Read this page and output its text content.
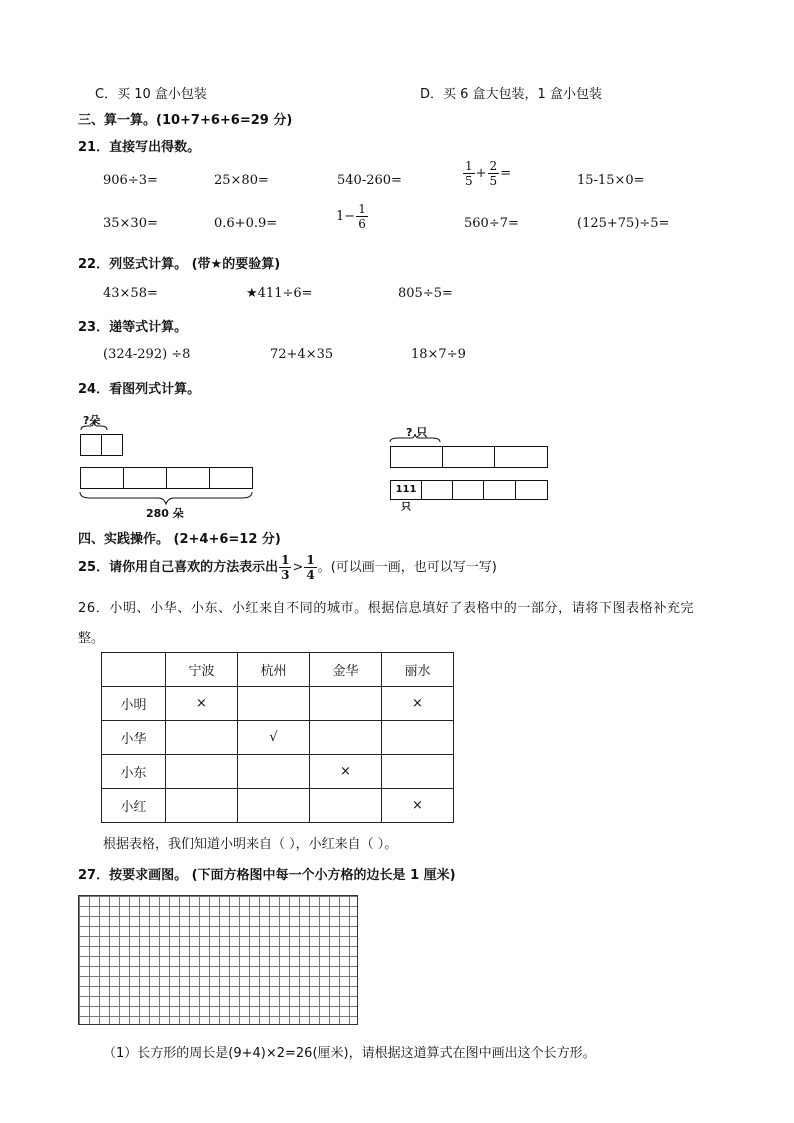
C．买 10 盒小包装	D．买 6 盒大包装，1 盒小包装
三、算一算。(10+7+6+6=29 分)
21．直接写出得数。
906÷3=	25×80=	540-260=	$\frac{1}{5} + \frac{2}{5}$ =	15-15×0=
35×30=	0.6+0.9=	$1- \frac{1}{6}$	560÷7=	(125+75)÷5=
22．列竖式计算。 (带★的要验算)
43×58=	★411÷6=	805÷5=
23．递等式计算。
(324-292) ÷8	72+4×35	18×7÷9
24．看图列式计算。
?朵
280 朵
? 只
111 只
四、实践操作。 (2+4+6=12 分)
25．请你用自己喜欢的方法表示出 $\frac{1}{3} > \frac{1}{4}$ 。(可以画一画，也可以写一写)
26．小明、小华、小东、小红来自不同的城市。根据信息填好了表格中的一部分，请将下图表格补充完
整。
	宁波	杭州	金华	丽水
小明	×			×
小华		√		
小东			×	
小红				×
根据表格，我们知道小明来自（ ），小红来自（ ）。
27．按要求画图。 (下面方格图中每一个小方格的边长是 1 厘米)
（1）长方形的周长是(9+4)×2=26(厘米)，请根据这道算式在图中画出这个长方形。
